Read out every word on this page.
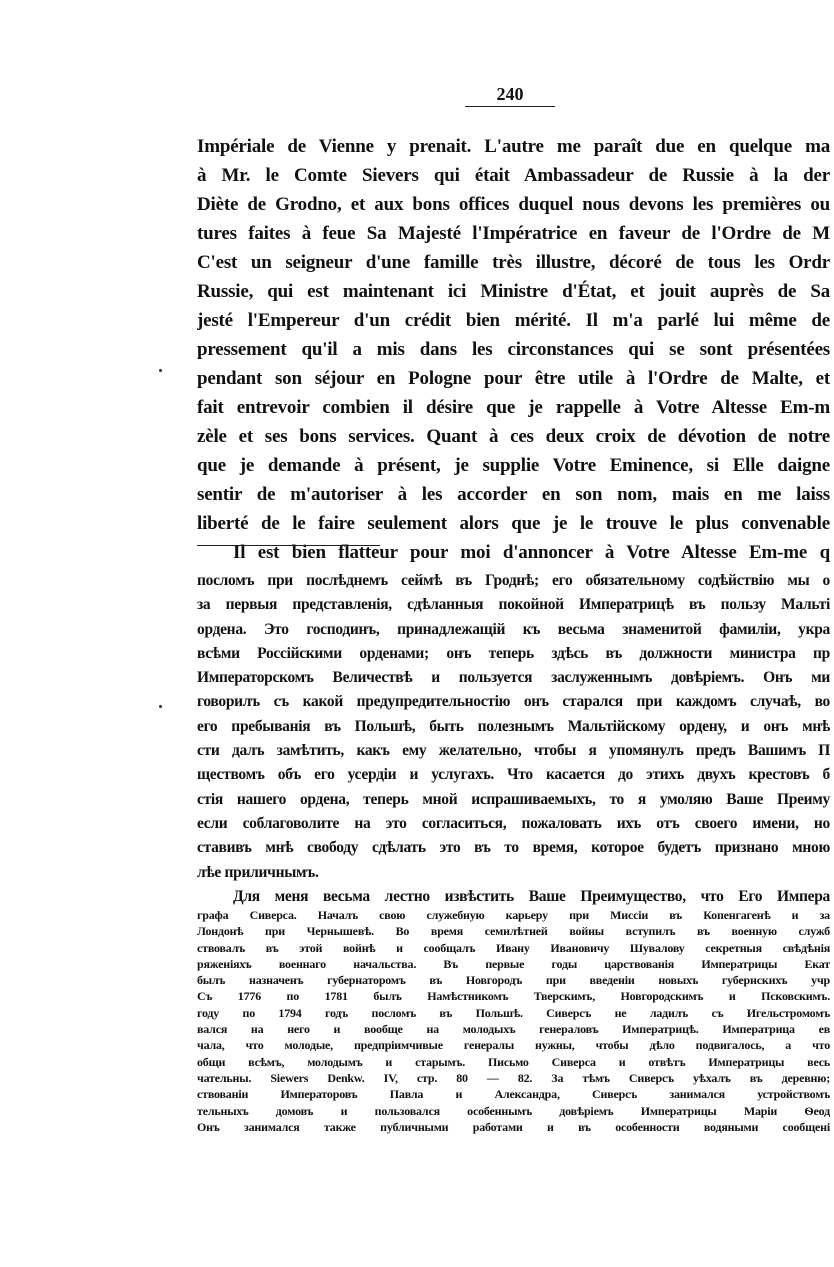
240
Impériale de Vienne y prenait. L'autre me paraît due en quelque ma
à Mr. le Comte Sievers qui était Ambassadeur de Russie à la der
Diète de Grodno, et aux bons offices duquel nous devons les premières ou
tures faites à feue Sa Majesté l'Impératrice en faveur de l'Ordre de M
C'est un seigneur d'une famille très illustre, décoré de tous les Ordr
Russie, qui est maintenant ici Ministre d'État, et jouit auprès de Sa
jesté l'Empereur d'un crédit bien mérité. Il m'a parlé lui même de
pressement qu'il a mis dans les circonstances qui se sont présentées
pendant son séjour en Pologne pour être utile à l'Ordre de Malte, et
fait entrevoir combien il désire que je rappelle à Votre Altesse Em-m
zèle et ses bons services. Quant à ces deux croix de dévotion de notre
que je demande à présent, je supplie Votre Eminence, si Elle daigne
sentir de m'autoriser à les accorder en son nom, mais en me laiss
liberté de le faire seulement alors que je le trouve le plus convenable
Il est bien flatteur pour moi d'annoncer à Votre Altesse Em-me q
посломъ при послѣднемъ сеймѣ въ Гроднѣ; его обязательному содѣйствію мы о
за первыя представленія, сдѣланныя покойной Императрицѣ въ пользу Мальті
ордена. Это господинъ, принадлежащій къ весьма знаменитой фамиліи, укра
всѣми Россійскими орденами; онъ теперь здѣсь въ должности министра пр
Императорскомъ Величествѣ и пользуется заслуженнымъ довѣріемъ. Онъ ми
говорилъ съ какой предупредительностію онъ старался при каждомъ случаѣ, во
его пребыванія въ Польшѣ, быть полезнымъ Мальтійскому ордену, и онъ мнѣ
сти далъ замѣтить, какъ ему желательно, чтобы я упомянулъ предъ Вашимъ П
ществомъ объ его усердіи и услугахъ. Что касается до этихъ двухъ крестовъ б
стія нашего ордена, теперь мной испрашиваемыхъ, то я умоляю Ваше Преиму
если соблаговолите на это согласиться, пожаловать ихъ отъ своего имени, но
ставивъ мнѣ свободу сдѣлать это въ то время, которое будетъ признано мною
лѣе приличнымъ.
Для меня весьма лестно извѣстить Ваше Преимущество, что Его Импера
графа Сиверса. Началъ свою служебную карьеру при Миссіи въ Копенгагенѣ и за
Лондонѣ при Чернышевѣ. Во время семилѣтней войны вступилъ въ военную служб
ствовалъ въ этой войнѣ и сообщалъ Ивану Ивановичу Шувалову секретныя свѣдѣнія
ряженіяхъ военнаго начальства. Въ первые годы царствованія Императрицы Екат
былъ назначенъ губернаторомъ въ Новгородъ при введеніи новыхъ губернскихъ учр
Съ 1776 по 1781 былъ Намѣстникомъ Тверскимъ, Новгородскимъ и Псковскимъ.
году по 1794 годъ посломъ въ Польшѣ. Сиверсъ не ладилъ съ Игельстромомъ
вался на него и вообще на молодыхъ генераловъ Императрицѣ. Императрица ев
чала, что молодые, предпріимчивые генералы нужны, чтобы дѣло подвигалось, а что
общи всѣмъ, молодымъ и старымъ. Письмо Сиверса и отвѣтъ Императрицы весь
чательны. Siewers Denkw. IV, стр. 80 — 82. За тѣмъ Сиверсъ уѣхалъ въ деревню;
ствованіи Императоровъ Павла и Александра, Сиверсъ занимался устройствомъ
тельныхъ домовъ и пользовался особеннымъ довѣріемъ Императрицы Маріи Ѳеод
Онъ занимался также публичными работами и въ особенности водяными сообщені
